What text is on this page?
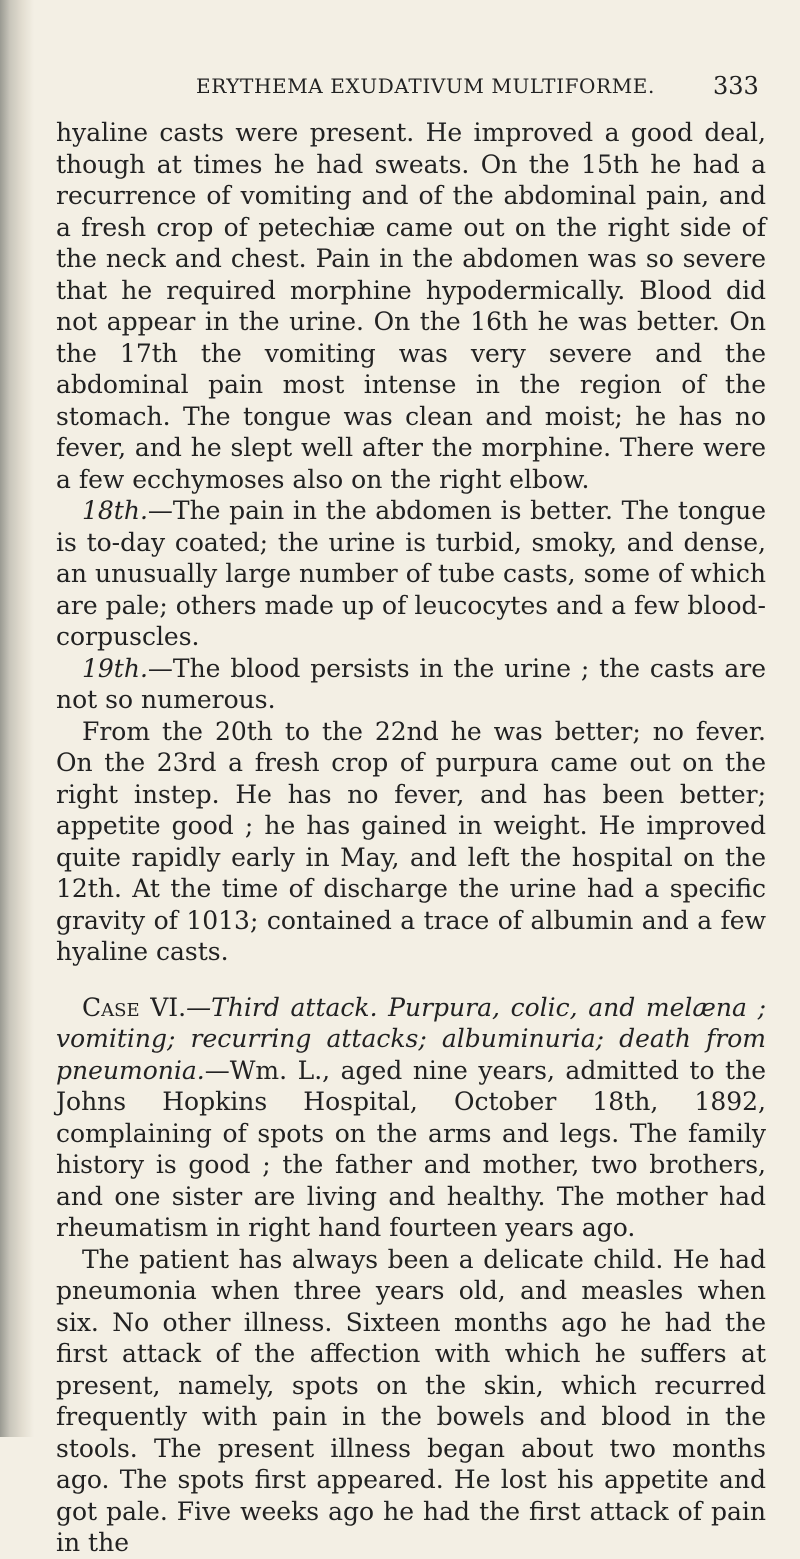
ERYTHEMA EXUDATIVUM MULTIFORME. 333

hyaline casts were present. He improved a good deal, though at times he had sweats. On the 15th he had a recurrence of vomiting and of the abdominal pain, and a fresh crop of petechiæ came out on the right side of the neck and chest. Pain in the abdomen was so severe that he required morphine hypodermically. Blood did not appear in the urine. On the 16th he was better. On the 17th the vomiting was very severe and the abdominal pain most intense in the region of the stomach. The tongue was clean and moist; he has no fever, and he slept well after the morphine. There were a few ecchymoses also on the right elbow.

18th.—The pain in the abdomen is better. The tongue is to-day coated; the urine is turbid, smoky, and dense, an unusually large number of tube casts, some of which are pale; others made up of leucocytes and a few blood-corpuscles.

19th.—The blood persists in the urine ; the casts are not so numerous.

From the 20th to the 22nd he was better; no fever. On the 23rd a fresh crop of purpura came out on the right instep. He has no fever, and has been better; appetite good ; he has gained in weight. He improved quite rapidly early in May, and left the hospital on the 12th. At the time of discharge the urine had a specific gravity of 1013; contained a trace of albumin and a few hyaline casts.

Case VI.—Third attack. Purpura, colic, and melæna ; vomiting; recurring attacks; albuminuria; death from pneumonia.—Wm. L., aged nine years, admitted to the Johns Hopkins Hospital, October 18th, 1892, complaining of spots on the arms and legs. The family history is good ; the father and mother, two brothers, and one sister are living and healthy. The mother had rheumatism in right hand fourteen years ago.

The patient has always been a delicate child. He had pneumonia when three years old, and measles when six. No other illness. Sixteen months ago he had the first attack of the affection with which he suffers at present, namely, spots on the skin, which recurred frequently with pain in the bowels and blood in the stools. The present illness began about two months ago. The spots first appeared. He lost his appetite and got pale. Five weeks ago he had the first attack of pain in the
